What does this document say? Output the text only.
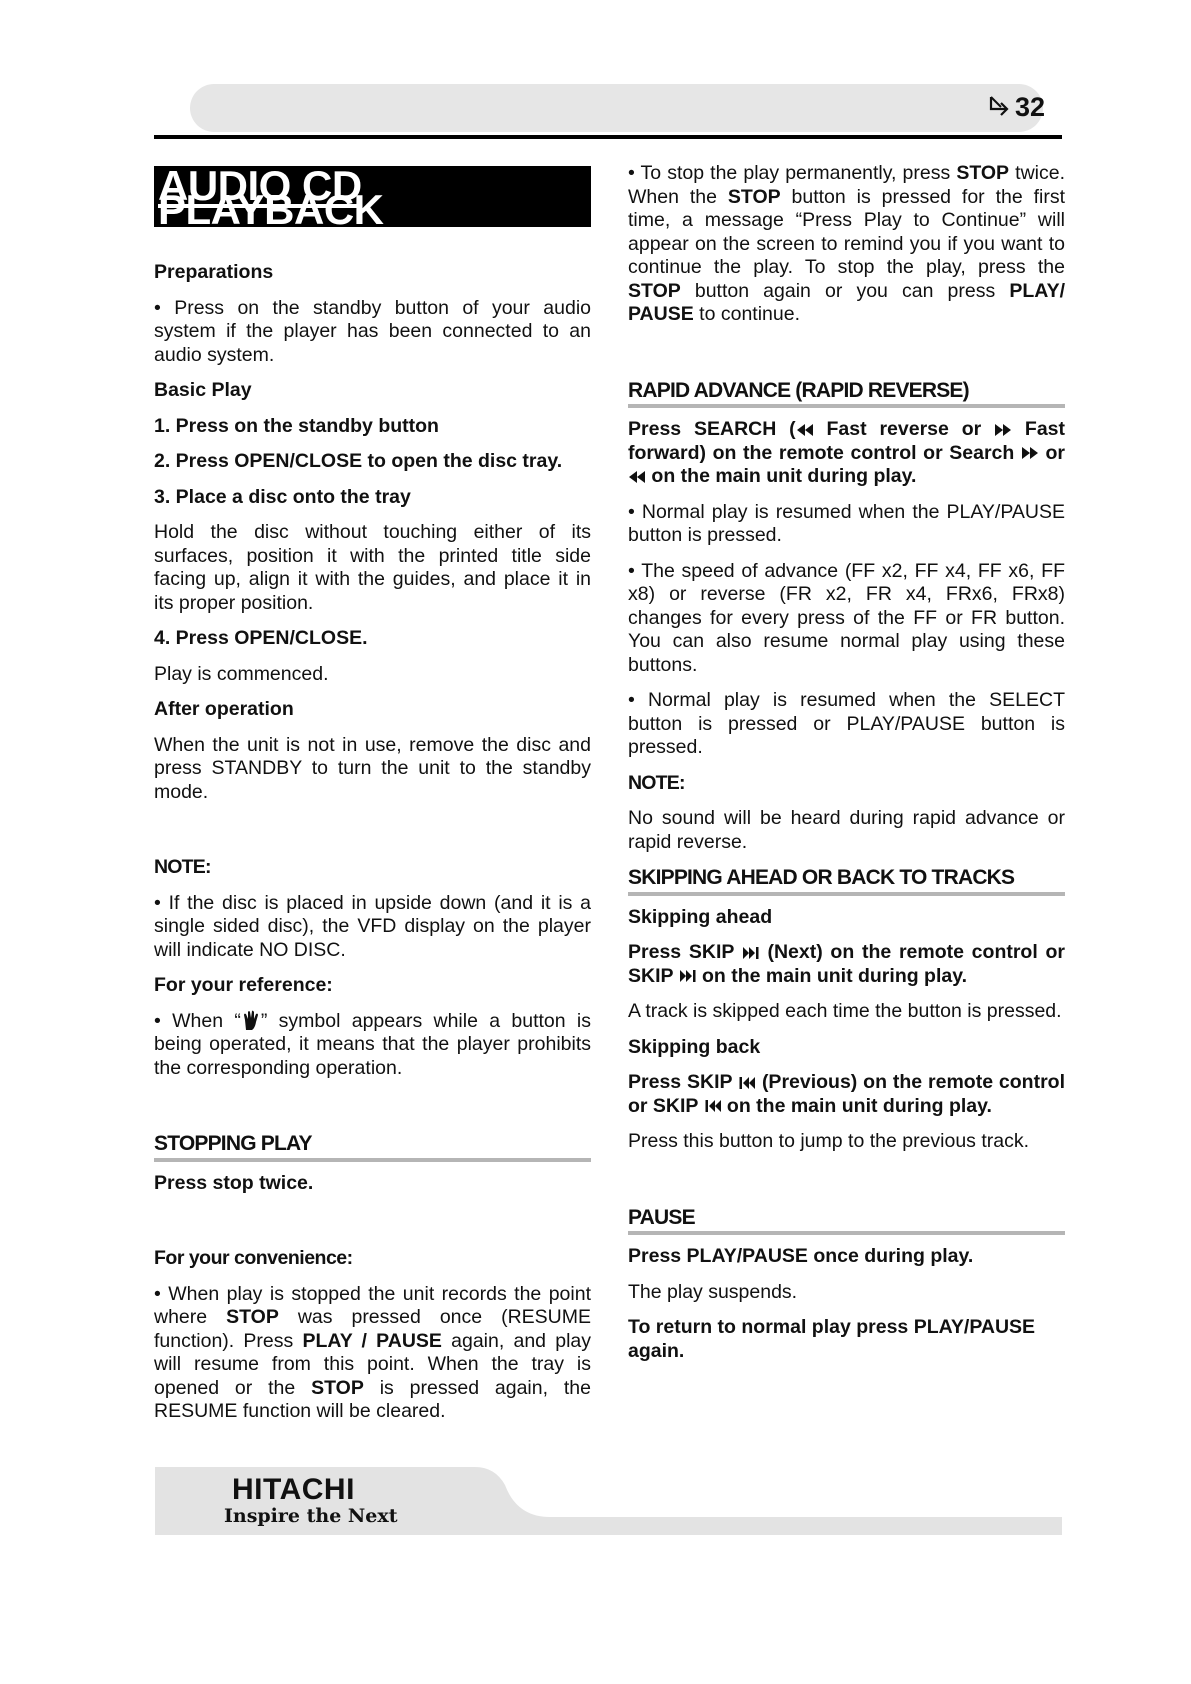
32
AUDIO CD PLAYBACK
Preparations

• Press on the standby button of your audio system if the player has been connected to an audio system.

Basic Play
1. Press on the standby button
2. Press OPEN/CLOSE to open the disc tray.
3. Place a disc onto the tray

Hold the disc without touching either of its surfaces, position it with the printed title side facing up, align it with the guides, and place it in its proper position.

4. Press OPEN/CLOSE.

Play is commenced.

After operation

When the unit is not in use, remove the disc and press STANDBY to turn the unit to the standby mode.

NOTE:

• If the disc is placed in upside down (and it is a single sided disc), the VFD display on the player will indicate NO DISC.

For your reference:

• When “ ” symbol appears while a button is being operated, it means that the player prohibits the corresponding operation.

STOPPING PLAY
Press stop twice.
For your convenience:

• When play is stopped the unit records the point where STOP was pressed once (RESUME function). Press PLAY / PAUSE again, and play will resume from this point. When the tray is opened or the STOP is pressed again, the RESUME function will be cleared.

• To stop the play permanently, press STOP twice. When the STOP button is pressed for the first time, a message “Press Play to Continue” will appear on the screen to remind you if you want to continue the play. To stop the play, press the STOP button again or you can press PLAY/ PAUSE to continue.

RAPID ADVANCE (RAPID REVERSE)

Press SEARCH ( Fast reverse or  Fast forward) on the remote control or Search  or  on the main unit during play.

• Normal play is resumed when the PLAY/PAUSE button is pressed.

• The speed of advance (FF x2, FF x4, FF x6, FF x8) or reverse (FR x2, FR x4, FRx6, FRx8) changes for every press of the FF or FR button. You can also resume normal play using these buttons.

• Normal play is resumed when the SELECT button is pressed or PLAY/PAUSE button is pressed.

NOTE:

No sound will be heard during rapid advance or rapid reverse.

SKIPPING AHEAD OR BACK TO TRACKS
Skipping ahead

Press SKIP  (Next) on the remote control or SKIP  on the main unit during play.

A track is skipped each time the button is pressed.

Skipping back

Press SKIP  (Previous) on the remote control or SKIP  on the main unit during play.

Press this button to jump to the previous track.

PAUSE
Press PLAY/PAUSE once during play.

The play suspends.

To return to normal play press PLAY/PAUSE again.
HITACHI
Inspire the Next
